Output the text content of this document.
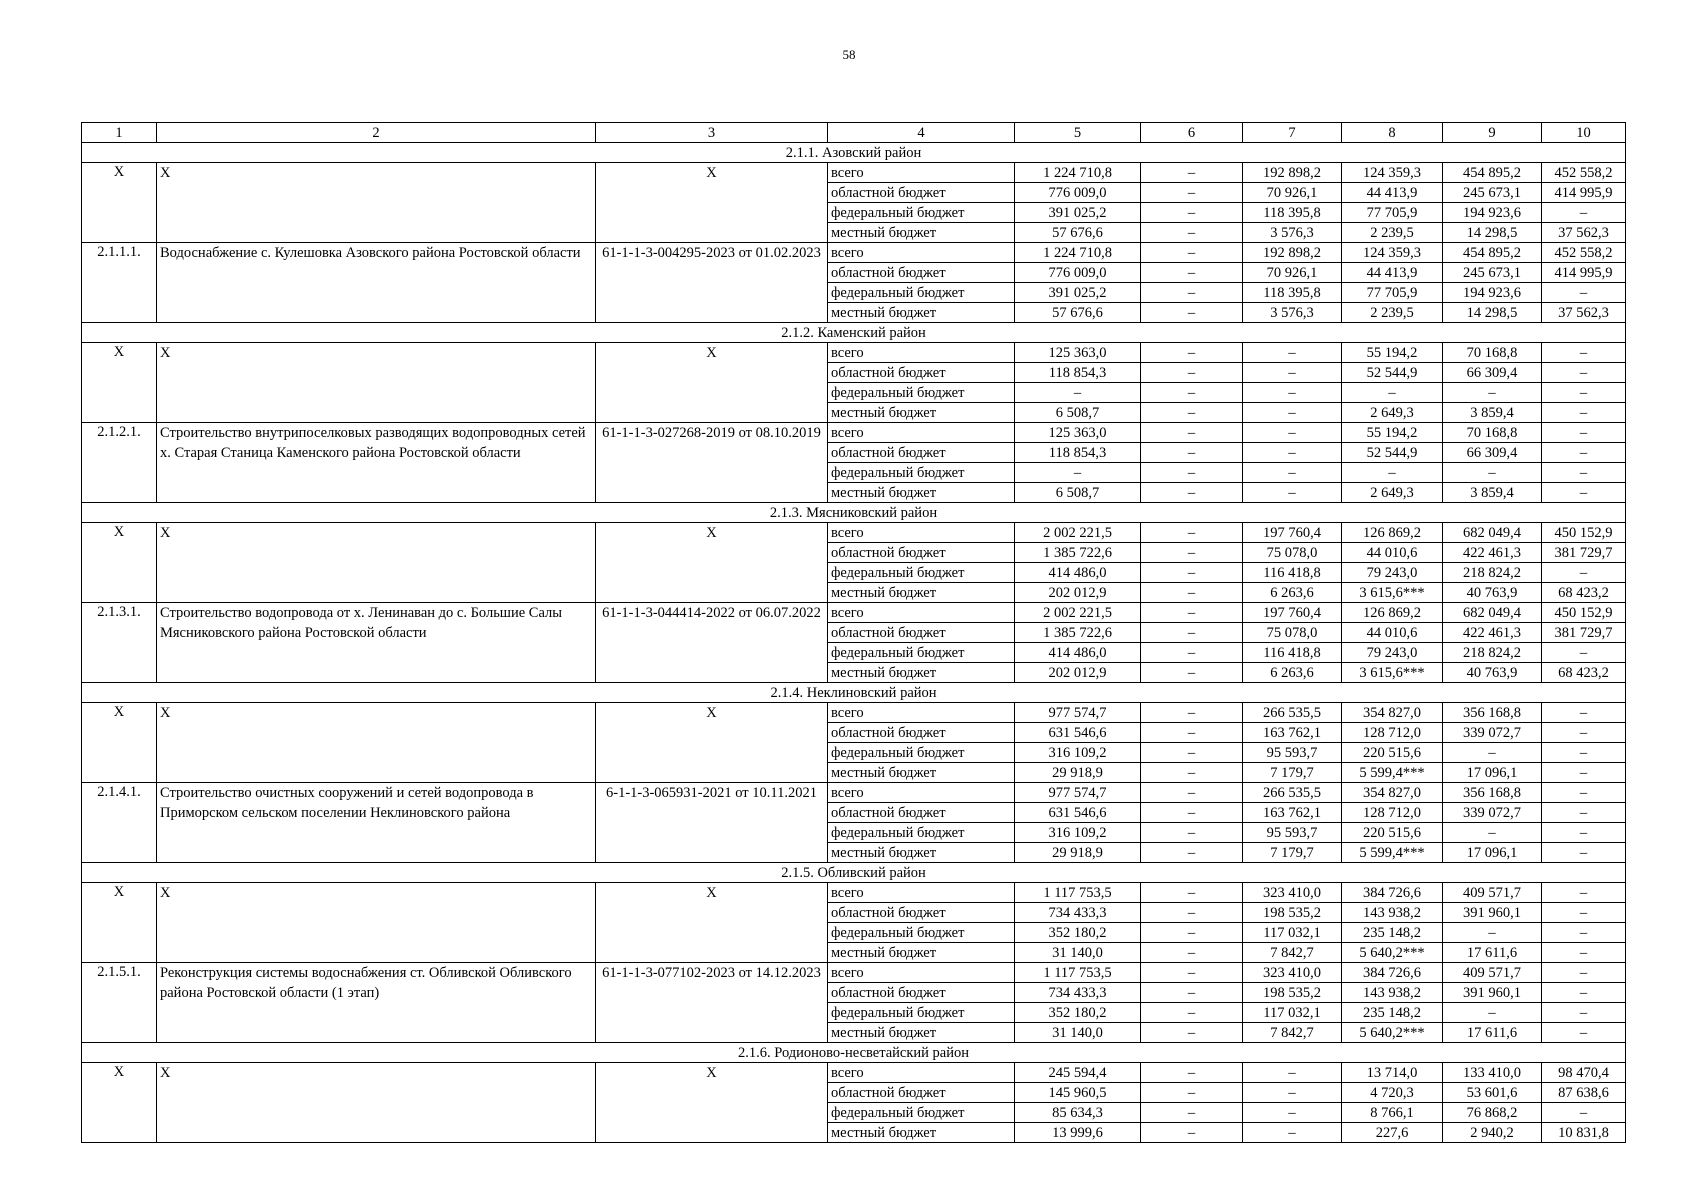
58
1	2	3	4	5	6	7	8	9	10
2.1.1. Азовский район									
X	X	X	всего	1 224 710,8	–	192 898,2	124 359,3	454 895,2	452 558,2
			областной бюджет	776 009,0	–	70 926,1	44 413,9	245 673,1	414 995,9
			федеральный бюджет	391 025,2	–	118 395,8	77 705,9	194 923,6	–
			местный бюджет	57 676,6	–	3 576,3	2 239,5	14 298,5	37 562,3
2.1.1.1.	Водоснабжение с. Кулешовка Азовского района Ростовской области	61-1-1-3-004295-2023 от 01.02.2023	всего	1 224 710,8	–	192 898,2	124 359,3	454 895,2	452 558,2
			областной бюджет	776 009,0	–	70 926,1	44 413,9	245 673,1	414 995,9
			федеральный бюджет	391 025,2	–	118 395,8	77 705,9	194 923,6	–
			местный бюджет	57 676,6	–	3 576,3	2 239,5	14 298,5	37 562,3
2.1.2. Каменский район									
X	X	X	всего	125 363,0	–	–	55 194,2	70 168,8	–
			областной бюджет	118 854,3	–	–	52 544,9	66 309,4	–
			федеральный бюджет	–	–	–	–	–	–
			местный бюджет	6 508,7	–	–	2 649,3	3 859,4	–
2.1.2.1.	Строительство внутрипоселковых разводящих водопроводных сетей х. Старая Станица Каменского района Ростовской области	61-1-1-3-027268-2019 от 08.10.2019	всего	125 363,0	–	–	55 194,2	70 168,8	–
			областной бюджет	118 854,3	–	–	52 544,9	66 309,4	–
			федеральный бюджет	–	–	–	–	–	–
			местный бюджет	6 508,7	–	–	2 649,3	3 859,4	–
2.1.3. Мясниковский район									
X	X	X	всего	2 002 221,5	–	197 760,4	126 869,2	682 049,4	450 152,9
			областной бюджет	1 385 722,6	–	75 078,0	44 010,6	422 461,3	381 729,7
			федеральный бюджет	414 486,0	–	116 418,8	79 243,0	218 824,2	–
			местный бюджет	202 012,9	–	6 263,6	3 615,6***	40 763,9	68 423,2
2.1.3.1.	Строительство водопровода от х. Ленинаван до с. Большие Салы Мясниковского района Ростовской области	61-1-1-3-044414-2022 от 06.07.2022	всего	2 002 221,5	–	197 760,4	126 869,2	682 049,4	450 152,9
			областной бюджет	1 385 722,6	–	75 078,0	44 010,6	422 461,3	381 729,7
			федеральный бюджет	414 486,0	–	116 418,8	79 243,0	218 824,2	–
			местный бюджет	202 012,9	–	6 263,6	3 615,6***	40 763,9	68 423,2
2.1.4. Неклиновский район									
X	X	X	всего	977 574,7	–	266 535,5	354 827,0	356 168,8	–
			областной бюджет	631 546,6	–	163 762,1	128 712,0	339 072,7	–
			федеральный бюджет	316 109,2	–	95 593,7	220 515,6	–	–
			местный бюджет	29 918,9	–	7 179,7	5 599,4***	17 096,1	–
2.1.4.1.	Строительство очистных сооружений и сетей водопровода в Приморском сельском поселении Неклиновского района	6-1-1-3-065931-2021 от 10.11.2021	всего	977 574,7	–	266 535,5	354 827,0	356 168,8	–
			областной бюджет	631 546,6	–	163 762,1	128 712,0	339 072,7	–
			федеральный бюджет	316 109,2	–	95 593,7	220 515,6	–	–
			местный бюджет	29 918,9	–	7 179,7	5 599,4***	17 096,1	–
2.1.5. Обливский район									
X	X	X	всего	1 117 753,5	–	323 410,0	384 726,6	409 571,7	–
			областной бюджет	734 433,3	–	198 535,2	143 938,2	391 960,1	–
			федеральный бюджет	352 180,2	–	117 032,1	235 148,2	–	–
			местный бюджет	31 140,0	–	7 842,7	5 640,2***	17 611,6	–
2.1.5.1.	Реконструкция системы водоснабжения ст. Обливской Обливского района Ростовской области (1 этап)	61-1-1-3-077102-2023 от 14.12.2023	всего	1 117 753,5	–	323 410,0	384 726,6	409 571,7	–
			областной бюджет	734 433,3	–	198 535,2	143 938,2	391 960,1	–
			федеральный бюджет	352 180,2	–	117 032,1	235 148,2	–	–
			местный бюджет	31 140,0	–	7 842,7	5 640,2***	17 611,6	–
2.1.6. Родионово-несветайский район									
X	X	X	всего	245 594,4	–	–	13 714,0	133 410,0	98 470,4
			областной бюджет	145 960,5	–	–	4 720,3	53 601,6	87 638,6
			федеральный бюджет	85 634,3	–	–	8 766,1	76 868,2	–
			местный бюджет	13 999,6	–	–	227,6	2 940,2	10 831,8
